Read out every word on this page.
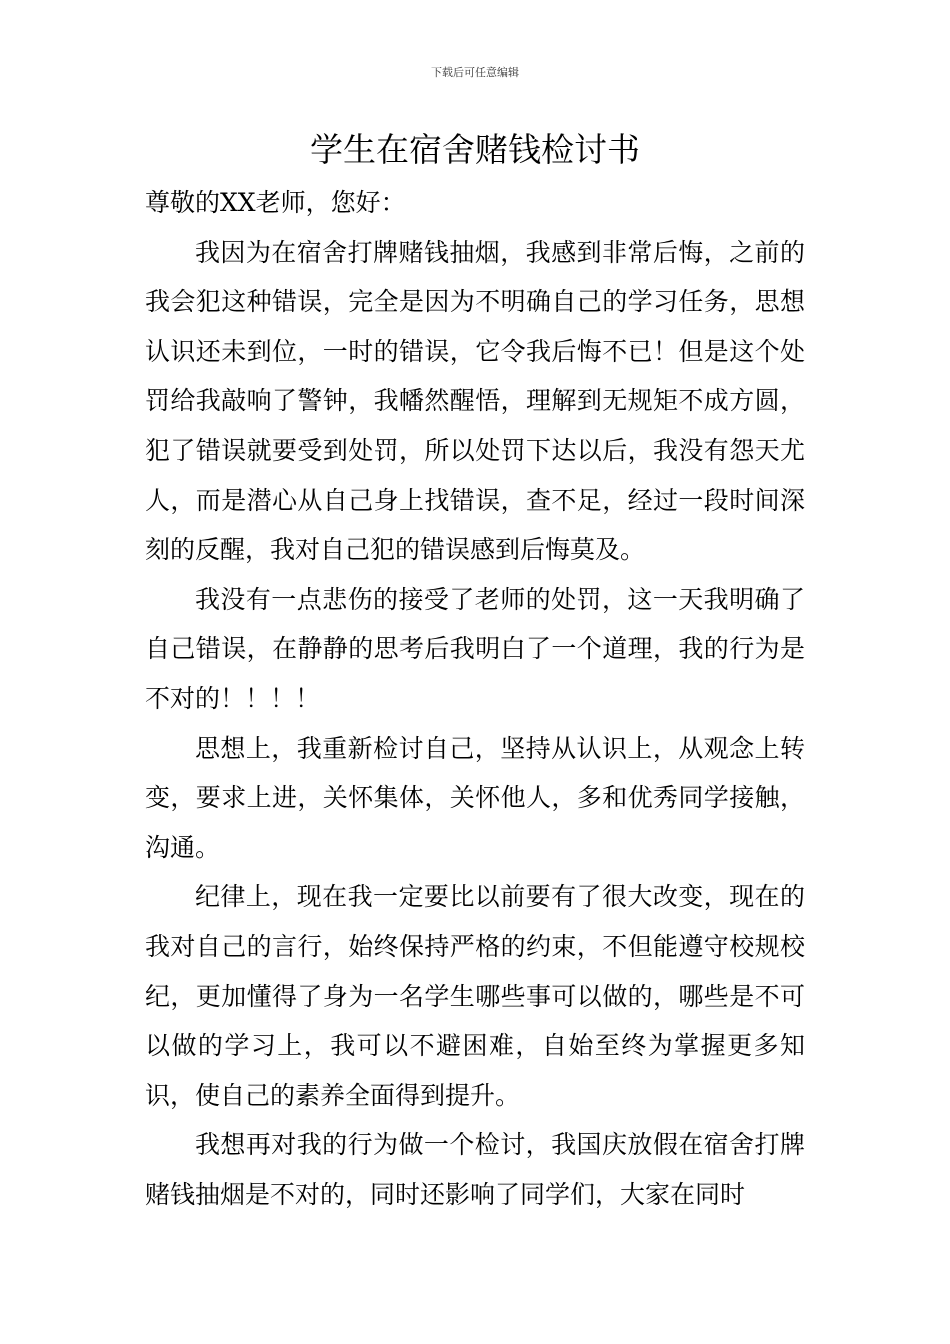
下载后可任意编辑
学生在宿舍赌钱检讨书

尊敬的XX老师，您好：

我因为在宿舍打牌赌钱抽烟，我感到非常后悔，之前的我会犯这种错误，完全是因为不明确自己的学习任务，思想认识还未到位，一时的错误，它令我后悔不已！但是这个处罚给我敲响了警钟，我幡然醒悟，理解到无规矩不成方圆，犯了错误就要受到处罚，所以处罚下达以后，我没有怨天尤人，而是潜心从自己身上找错误，查不足，经过一段时间深刻的反醒，我对自己犯的错误感到后悔莫及。

我没有一点悲伤的接受了老师的处罚，这一天我明确了自己错误，在静静的思考后我明白了一个道理，我的行为是不对的！！！！

思想上，我重新检讨自己，坚持从认识上，从观念上转变，要求上进，关怀集体，关怀他人，多和优秀同学接触，沟通。

纪律上，现在我一定要比以前要有了很大改变，现在的我对自己的言行，始终保持严格的约束，不但能遵守校规校纪，更加懂得了身为一名学生哪些事可以做的，哪些是不可以做的学习上，我可以不避困难，自始至终为掌握更多知识，使自己的素养全面得到提升。

我想再对我的行为做一个检讨，我国庆放假在宿舍打牌赌钱抽烟是不对的，同时还影响了同学们，大家在同时
